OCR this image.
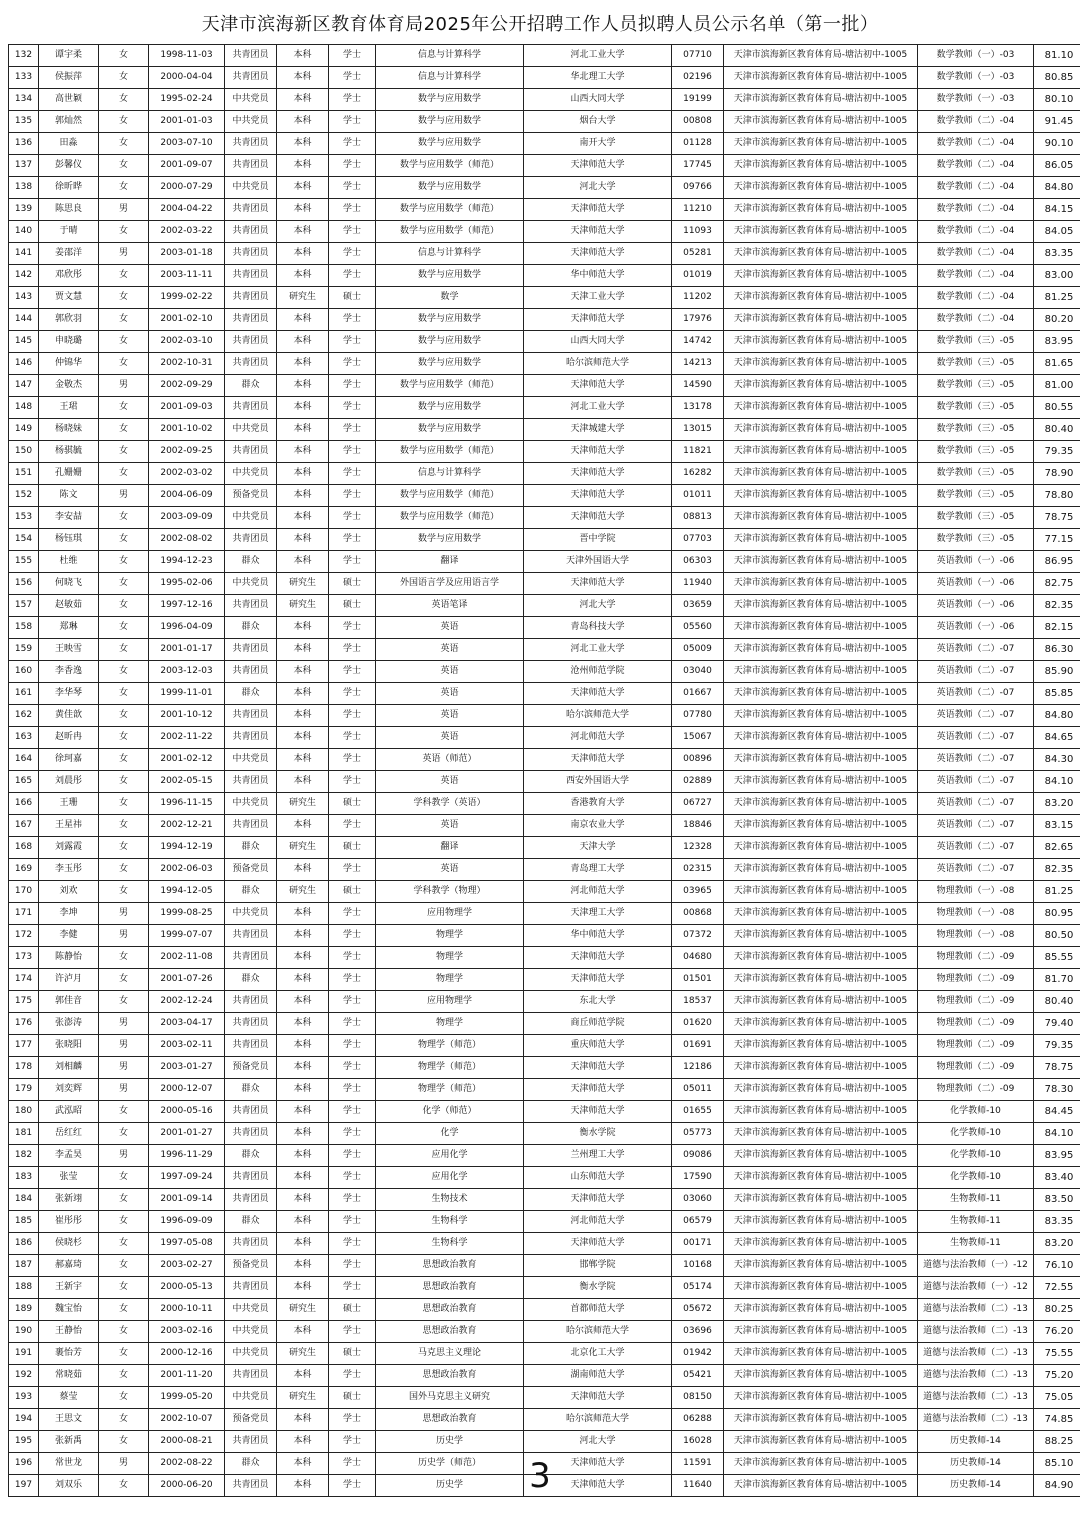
天津市滨海新区教育体育局2025年公开招聘工作人员拟聘人员公示名单（第一批）
132	谭宇柔	女	1998-11-03	共青团员	本科	学士	信息与计算科学	河北工业大学	07710	天津市滨海新区教育体育局-塘沽初中-1005	数学教师（一）-03	81.10
133	侯振萍	女	2000-04-04	共青团员	本科	学士	信息与计算科学	华北理工大学	02196	天津市滨海新区教育体育局-塘沽初中-1005	数学教师（一）-03	80.85
134	高世颖	女	1995-02-24	中共党员	本科	学士	数学与应用数学	山西大同大学	19199	天津市滨海新区教育体育局-塘沽初中-1005	数学教师（一）-03	80.10
135	郭灿然	女	2001-01-03	中共党员	本科	学士	数学与应用数学	烟台大学	00808	天津市滨海新区教育体育局-塘沽初中-1005	数学教师（二）-04	91.45
136	田淼	女	2003-07-10	共青团员	本科	学士	数学与应用数学	南开大学	01128	天津市滨海新区教育体育局-塘沽初中-1005	数学教师（二）-04	90.10
137	彭馨仪	女	2001-09-07	共青团员	本科	学士	数学与应用数学（师范）	天津师范大学	17745	天津市滨海新区教育体育局-塘沽初中-1005	数学教师（二）-04	86.05
138	徐昕晔	女	2000-07-29	中共党员	本科	学士	数学与应用数学	河北大学	09766	天津市滨海新区教育体育局-塘沽初中-1005	数学教师（二）-04	84.80
139	陈思良	男	2004-04-22	共青团员	本科	学士	数学与应用数学（师范）	天津师范大学	11210	天津市滨海新区教育体育局-塘沽初中-1005	数学教师（二）-04	84.15
140	于晴	女	2002-03-22	共青团员	本科	学士	数学与应用数学（师范）	天津师范大学	11093	天津市滨海新区教育体育局-塘沽初中-1005	数学教师（二）-04	84.05
141	姜邵洋	男	2003-01-18	共青团员	本科	学士	信息与计算科学	天津师范大学	05281	天津市滨海新区教育体育局-塘沽初中-1005	数学教师（二）-04	83.35
142	邓欣彤	女	2003-11-11	共青团员	本科	学士	数学与应用数学	华中师范大学	01019	天津市滨海新区教育体育局-塘沽初中-1005	数学教师（二）-04	83.00
143	贾文慧	女	1999-02-22	共青团员	研究生	硕士	数学	天津工业大学	11202	天津市滨海新区教育体育局-塘沽初中-1005	数学教师（二）-04	81.25
144	郭欣羽	女	2001-02-10	共青团员	本科	学士	数学与应用数学	天津师范大学	17976	天津市滨海新区教育体育局-塘沽初中-1005	数学教师（二）-04	80.20
145	申晓璐	女	2002-03-10	共青团员	本科	学士	数学与应用数学	山西大同大学	14742	天津市滨海新区教育体育局-塘沽初中-1005	数学教师（三）-05	83.95
146	仲锦华	女	2002-10-31	共青团员	本科	学士	数学与应用数学	哈尔滨师范大学	14213	天津市滨海新区教育体育局-塘沽初中-1005	数学教师（三）-05	81.65
147	金敬杰	男	2002-09-29	群众	本科	学士	数学与应用数学（师范）	天津师范大学	14590	天津市滨海新区教育体育局-塘沽初中-1005	数学教师（三）-05	81.00
148	王珺	女	2001-09-03	共青团员	本科	学士	数学与应用数学	河北工业大学	13178	天津市滨海新区教育体育局-塘沽初中-1005	数学教师（三）-05	80.55
149	杨晓妹	女	2001-10-02	中共党员	本科	学士	数学与应用数学	天津城建大学	13015	天津市滨海新区教育体育局-塘沽初中-1005	数学教师（三）-05	80.40
150	杨骐毓	女	2002-09-25	共青团员	本科	学士	数学与应用数学（师范）	天津师范大学	11821	天津市滨海新区教育体育局-塘沽初中-1005	数学教师（三）-05	79.35
151	孔姗姗	女	2002-03-02	中共党员	本科	学士	信息与计算科学	天津师范大学	16282	天津市滨海新区教育体育局-塘沽初中-1005	数学教师（三）-05	78.90
152	陈文	男	2004-06-09	预备党员	本科	学士	数学与应用数学（师范）	天津师范大学	01011	天津市滨海新区教育体育局-塘沽初中-1005	数学教师（三）-05	78.80
153	李安喆	女	2003-09-09	中共党员	本科	学士	数学与应用数学（师范）	天津师范大学	08813	天津市滨海新区教育体育局-塘沽初中-1005	数学教师（三）-05	78.75
154	杨钰琪	女	2002-08-02	共青团员	本科	学士	数学与应用数学	晋中学院	07703	天津市滨海新区教育体育局-塘沽初中-1005	数学教师（三）-05	77.15
155	杜维	女	1994-12-23	群众	本科	学士	翻译	天津外国语大学	06303	天津市滨海新区教育体育局-塘沽初中-1005	英语教师（一）-06	86.95
156	何晓飞	女	1995-02-06	中共党员	研究生	硕士	外国语言学及应用语言学	天津师范大学	11940	天津市滨海新区教育体育局-塘沽初中-1005	英语教师（一）-06	82.75
157	赵敏茹	女	1997-12-16	共青团员	研究生	硕士	英语笔译	河北大学	03659	天津市滨海新区教育体育局-塘沽初中-1005	英语教师（一）-06	82.35
158	郑琳	女	1996-04-09	群众	本科	学士	英语	青岛科技大学	05560	天津市滨海新区教育体育局-塘沽初中-1005	英语教师（一）-06	82.15
159	王映雪	女	2001-01-17	共青团员	本科	学士	英语	河北工业大学	05009	天津市滨海新区教育体育局-塘沽初中-1005	英语教师（二）-07	86.30
160	李香逸	女	2003-12-03	共青团员	本科	学士	英语	沧州师范学院	03040	天津市滨海新区教育体育局-塘沽初中-1005	英语教师（二）-07	85.90
161	李华琴	女	1999-11-01	群众	本科	学士	英语	天津师范大学	01667	天津市滨海新区教育体育局-塘沽初中-1005	英语教师（二）-07	85.85
162	黄佳歆	女	2001-10-12	共青团员	本科	学士	英语	哈尔滨师范大学	07780	天津市滨海新区教育体育局-塘沽初中-1005	英语教师（二）-07	84.80
163	赵昕冉	女	2002-11-22	共青团员	本科	学士	英语	河北师范大学	15067	天津市滨海新区教育体育局-塘沽初中-1005	英语教师（二）-07	84.65
164	徐珂嘉	女	2001-02-12	中共党员	本科	学士	英语（师范）	天津师范大学	00896	天津市滨海新区教育体育局-塘沽初中-1005	英语教师（二）-07	84.30
165	刘晨彤	女	2002-05-15	共青团员	本科	学士	英语	西安外国语大学	02889	天津市滨海新区教育体育局-塘沽初中-1005	英语教师（二）-07	84.10
166	王珊	女	1996-11-15	中共党员	研究生	硕士	学科教学（英语）	香港教育大学	06727	天津市滨海新区教育体育局-塘沽初中-1005	英语教师（二）-07	83.20
167	王星祎	女	2002-12-21	共青团员	本科	学士	英语	南京农业大学	18846	天津市滨海新区教育体育局-塘沽初中-1005	英语教师（二）-07	83.15
168	刘露霞	女	1994-12-19	群众	研究生	硕士	翻译	天津大学	12328	天津市滨海新区教育体育局-塘沽初中-1005	英语教师（二）-07	82.65
169	李玉彤	女	2002-06-03	预备党员	本科	学士	英语	青岛理工大学	02315	天津市滨海新区教育体育局-塘沽初中-1005	英语教师（二）-07	82.35
170	刘欢	女	1994-12-05	群众	研究生	硕士	学科教学（物理）	河北师范大学	03965	天津市滨海新区教育体育局-塘沽初中-1005	物理教师（一）-08	81.25
171	李坤	男	1999-08-25	中共党员	本科	学士	应用物理学	天津理工大学	00868	天津市滨海新区教育体育局-塘沽初中-1005	物理教师（一）-08	80.95
172	李健	男	1999-07-07	共青团员	本科	学士	物理学	华中师范大学	07372	天津市滨海新区教育体育局-塘沽初中-1005	物理教师（一）-08	80.50
173	陈静怡	女	2002-11-08	共青团员	本科	学士	物理学	天津师范大学	04680	天津市滨海新区教育体育局-塘沽初中-1005	物理教师（二）-09	85.55
174	许泸月	女	2001-07-26	群众	本科	学士	物理学	天津师范大学	01501	天津市滨海新区教育体育局-塘沽初中-1005	物理教师（二）-09	81.70
175	郭佳音	女	2002-12-24	共青团员	本科	学士	应用物理学	东北大学	18537	天津市滨海新区教育体育局-塘沽初中-1005	物理教师（二）-09	80.40
176	张澎涛	男	2003-04-17	共青团员	本科	学士	物理学	商丘师范学院	01620	天津市滨海新区教育体育局-塘沽初中-1005	物理教师（二）-09	79.40
177	张晓阳	男	2003-02-11	共青团员	本科	学士	物理学（师范）	重庆师范大学	01691	天津市滨海新区教育体育局-塘沽初中-1005	物理教师（二）-09	79.35
178	刘相麟	男	2003-01-27	预备党员	本科	学士	物理学（师范）	天津师范大学	12186	天津市滨海新区教育体育局-塘沽初中-1005	物理教师（二）-09	78.75
179	刘奕辉	男	2000-12-07	群众	本科	学士	物理学（师范）	天津师范大学	05011	天津市滨海新区教育体育局-塘沽初中-1005	物理教师（二）-09	78.30
180	武泓昭	女	2000-05-16	共青团员	本科	学士	化学（师范）	天津师范大学	01655	天津市滨海新区教育体育局-塘沽初中-1005	化学教师-10	84.45
181	岳红红	女	2001-01-27	共青团员	本科	学士	化学	衡水学院	05773	天津市滨海新区教育体育局-塘沽初中-1005	化学教师-10	84.10
182	李孟昊	男	1996-11-29	群众	本科	学士	应用化学	兰州理工大学	09086	天津市滨海新区教育体育局-塘沽初中-1005	化学教师-10	83.95
183	张莹	女	1997-09-24	共青团员	本科	学士	应用化学	山东师范大学	17590	天津市滨海新区教育体育局-塘沽初中-1005	化学教师-10	83.40
184	张新翊	女	2001-09-14	共青团员	本科	学士	生物技术	天津师范大学	03060	天津市滨海新区教育体育局-塘沽初中-1005	生物教师-11	83.50
185	崔彤彤	女	1996-09-09	群众	本科	学士	生物科学	河北师范大学	06579	天津市滨海新区教育体育局-塘沽初中-1005	生物教师-11	83.35
186	侯晓杉	女	1997-05-08	共青团员	本科	学士	生物科学	天津师范大学	00171	天津市滨海新区教育体育局-塘沽初中-1005	生物教师-11	83.20
187	郝嘉琦	女	2003-02-27	预备党员	本科	学士	思想政治教育	邯郸学院	10168	天津市滨海新区教育体育局-塘沽初中-1005	道德与法治教师（一）-12	76.10
188	王新宇	女	2000-05-13	共青团员	本科	学士	思想政治教育	衡水学院	05174	天津市滨海新区教育体育局-塘沽初中-1005	道德与法治教师（一）-12	72.55
189	魏宝怡	女	2000-10-11	中共党员	研究生	硕士	思想政治教育	首都师范大学	05672	天津市滨海新区教育体育局-塘沽初中-1005	道德与法治教师（二）-13	80.25
190	王静怡	女	2003-02-16	中共党员	本科	学士	思想政治教育	哈尔滨师范大学	03696	天津市滨海新区教育体育局-塘沽初中-1005	道德与法治教师（二）-13	76.20
191	裹怡芳	女	2000-12-16	中共党员	研究生	硕士	马克思主义理论	北京化工大学	01942	天津市滨海新区教育体育局-塘沽初中-1005	道德与法治教师（二）-13	75.55
192	常晓茹	女	2001-11-20	共青团员	本科	学士	思想政治教育	湖南师范大学	05421	天津市滨海新区教育体育局-塘沽初中-1005	道德与法治教师（二）-13	75.20
193	蔡莹	女	1999-05-20	中共党员	研究生	硕士	国外马克思主义研究	天津师范大学	08150	天津市滨海新区教育体育局-塘沽初中-1005	道德与法治教师（二）-13	75.05
194	王思文	女	2002-10-07	预备党员	本科	学士	思想政治教育	哈尔滨师范大学	06288	天津市滨海新区教育体育局-塘沽初中-1005	道德与法治教师（二）-13	74.85
195	张新禹	女	2000-08-21	共青团员	本科	学士	历史学	河北大学	16028	天津市滨海新区教育体育局-塘沽初中-1005	历史教师-14	88.25
196	常世龙	男	2002-08-22	群众	本科	学士	历史学（师范）	天津师范大学	11591	天津市滨海新区教育体育局-塘沽初中-1005	历史教师-14	85.10
197	刘双乐	女	2000-06-20	共青团员	本科	学士	历史学	天津师范大学	11640	天津市滨海新区教育体育局-塘沽初中-1005	历史教师-14	84.90
3
